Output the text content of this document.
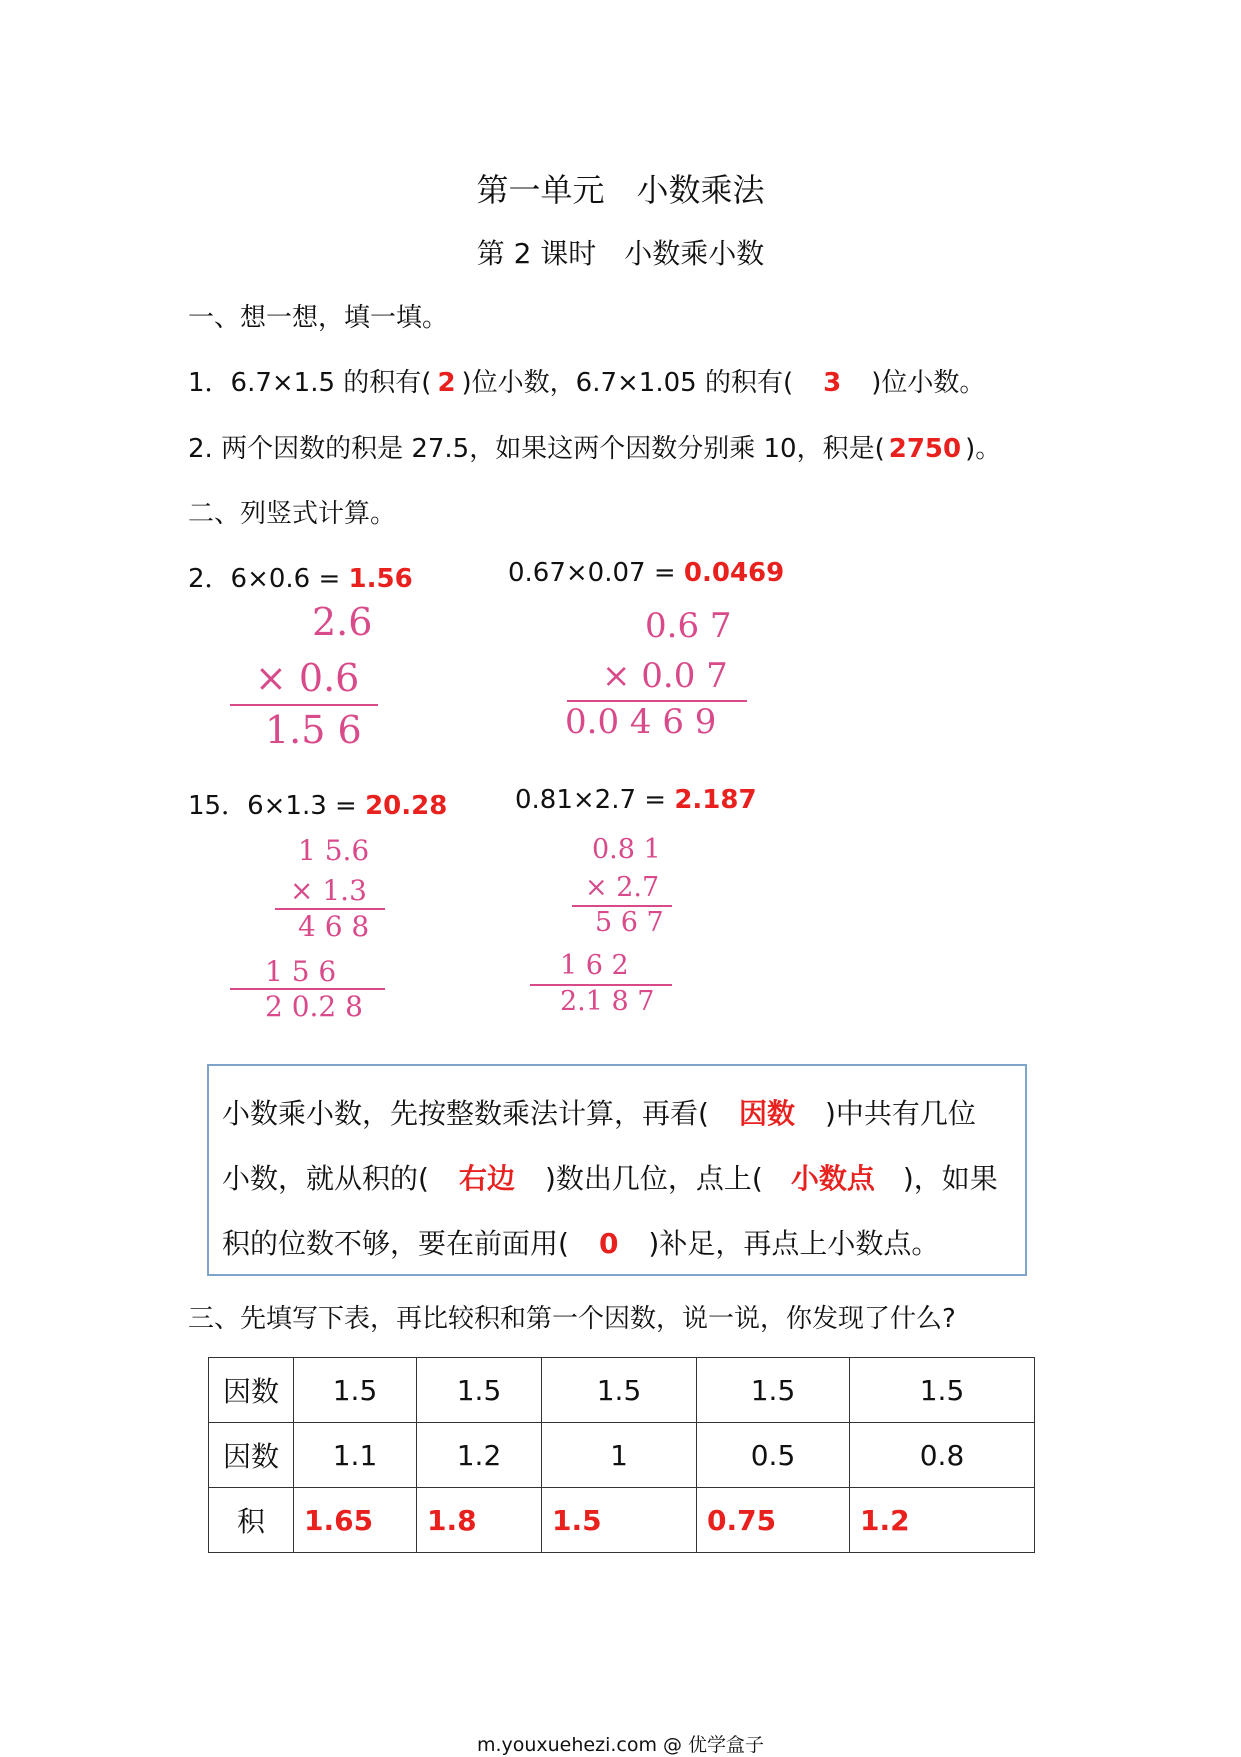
第一单元　小数乘法
第 2 课时　小数乘小数
一、想一想，填一填。
1．6.7×1.5 的积有( 2 )位小数，6.7×1.05 的积有( 3 )位小数。
2. 两个因数的积是 27.5，如果这两个因数分别乘 10，积是( 2750 )。
二、列竖式计算。
2．6×0.6 = 1.56
2.6
× 0.6
1.5 6
0.67×0.07 = 0.0469
0.6 7
× 0.0 7
0.0 4 6 9
15．6×1.3 = 20.28
1 5.6
× 1.3
4 6 8
1 5 6
2 0.2 8
0.81×2.7 = 2.187
0.8 1
× 2.7
5 6 7
1 6 2
2.1 8 7
小数乘小数，先按整数乘法计算，再看( 因数 )中共有几位
小数，就从积的( 右边 )数出几位，点上( 小数点 )，如果
积的位数不够，要在前面用( 0 )补足，再点上小数点。
三、先填写下表，再比较积和第一个因数，说一说，你发现了什么?
因数	1.5	1.5	1.5	1.5	1.5
因数	1.1	1.2	1	0.5	0.8
积	1.65	1.8	1.5	0.75	1.2
m.youxuehezi.com @ 优学盒子
